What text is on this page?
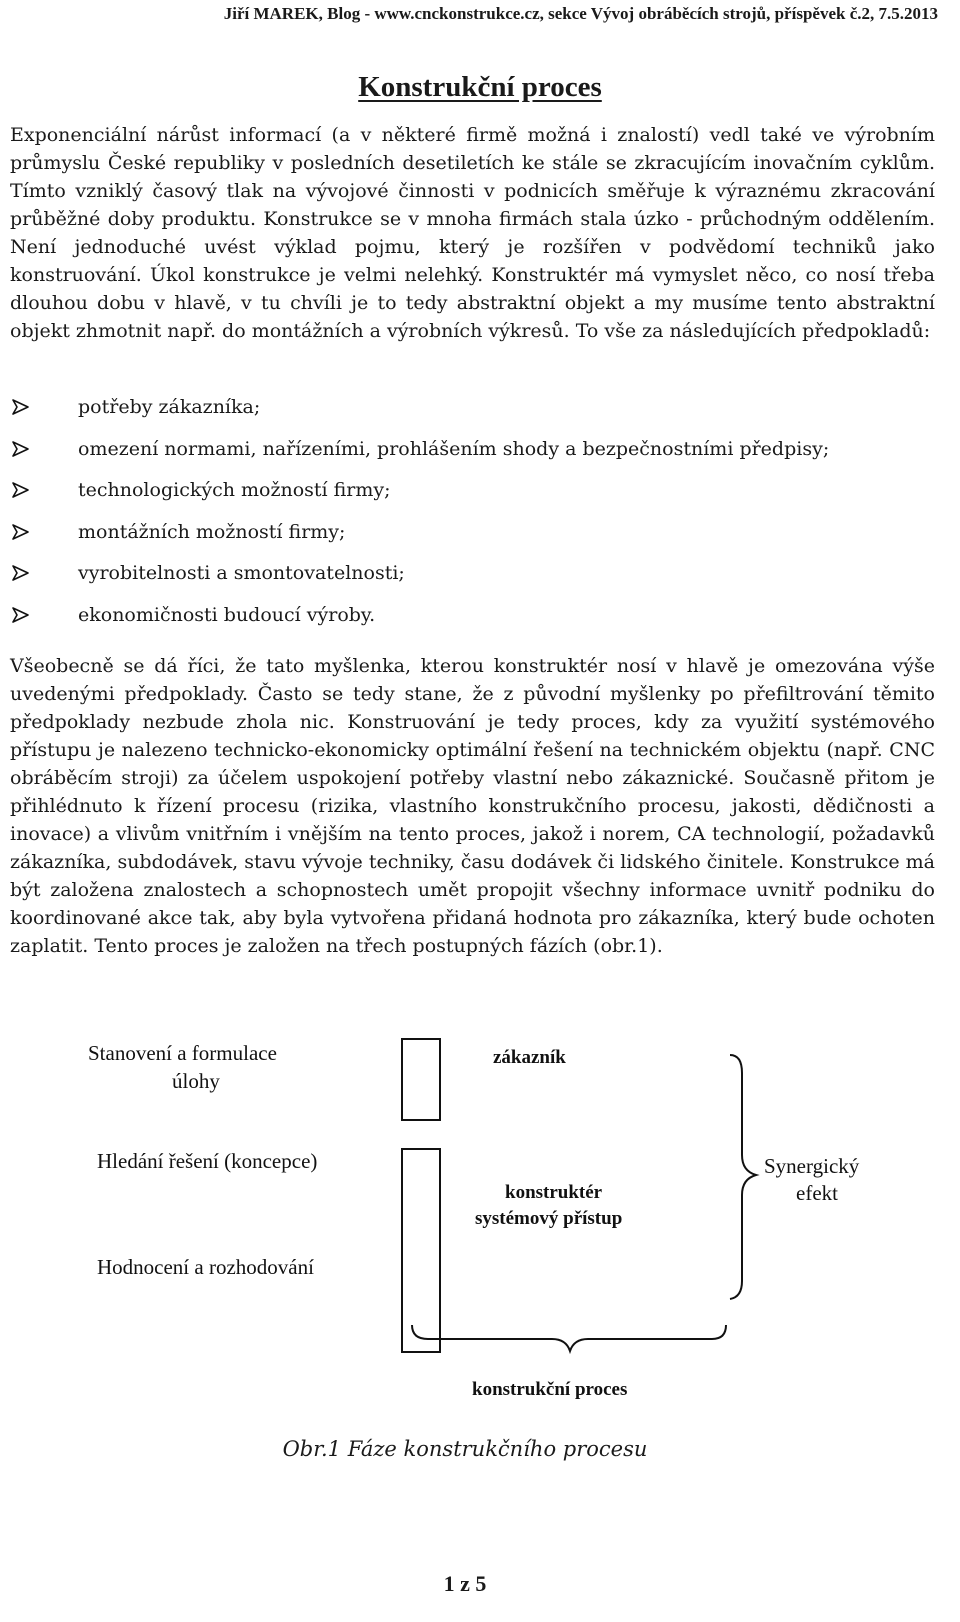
Jiří MAREK, Blog - www.cnckonstrukce.cz, sekce Vývoj obráběcích strojů, příspěvek č.2, 7.5.2013
Konstrukční proces

Exponenciální nárůst informací (a v některé firmě možná i znalostí) vedl také ve výrobním průmyslu České republiky v posledních desetiletích ke stále se zkracujícím inovačním cyklům. Tímto vzniklý časový tlak na vývojové činnosti v podnicích směřuje k výraznému zkracování průběžné doby produktu. Konstrukce se v mnoha firmách stala úzko - průchodným oddělením. Není jednoduché uvést výklad pojmu, který je rozšířen v podvědomí techniků jako konstruování. Úkol konstrukce je velmi nelehký. Konstruktér má vymyslet něco, co nosí třeba dlouhou dobu v hlavě, v tu chvíli je to tedy abstraktní objekt a my musíme tento abstraktní objekt zhmotnit např. do montážních a výrobních výkresů. To vše za následujících předpokladů:

potřeby zákazníka;
omezení normami, nařízeními, prohlášením shody a bezpečnostními předpisy;
technologických možností firmy;
montážních možností firmy;
vyrobitelnosti a smontovatelnosti;
ekonomičnosti budoucí výroby.

Všeobecně se dá říci, že tato myšlenka, kterou konstruktér nosí v hlavě je omezována výše uvedenými předpoklady. Často se tedy stane, že z původní myšlenky po přefiltrování těmito předpoklady nezbude zhola nic. Konstruování je tedy proces, kdy za využití systémového přístupu je nalezeno technicko-ekonomicky optimální řešení na technickém objektu (např. CNC obráběcím stroji) za účelem uspokojení potřeby vlastní nebo zákaznické. Současně přitom je přihlédnuto k řízení procesu (rizika, vlastního konstrukčního procesu, jakosti, dědičnosti a inovace) a vlivům vnitřním i vnějším na tento proces, jakož i norem, CA technologií, požadavků zákazníka, subdodávek, stavu vývoje techniky, času dodávek či lidského činitele. Konstrukce má být založena znalostech a schopnostech umět propojit všechny informace uvnitř podniku do koordinované akce tak, aby byla vytvořena přidaná hodnota pro zákazníka, který bude ochoten zaplatit. Tento proces je založen na třech postupných fázích (obr.1).

Stanovení a formulace
úlohy
Hledání řešení (koncepce)
Hodnocení a rozhodování
zákazník
konstruktér
systémový přístup
Synergický
efekt
konstrukční proces
Obr.1 Fáze konstrukčního procesu
1 z 5
